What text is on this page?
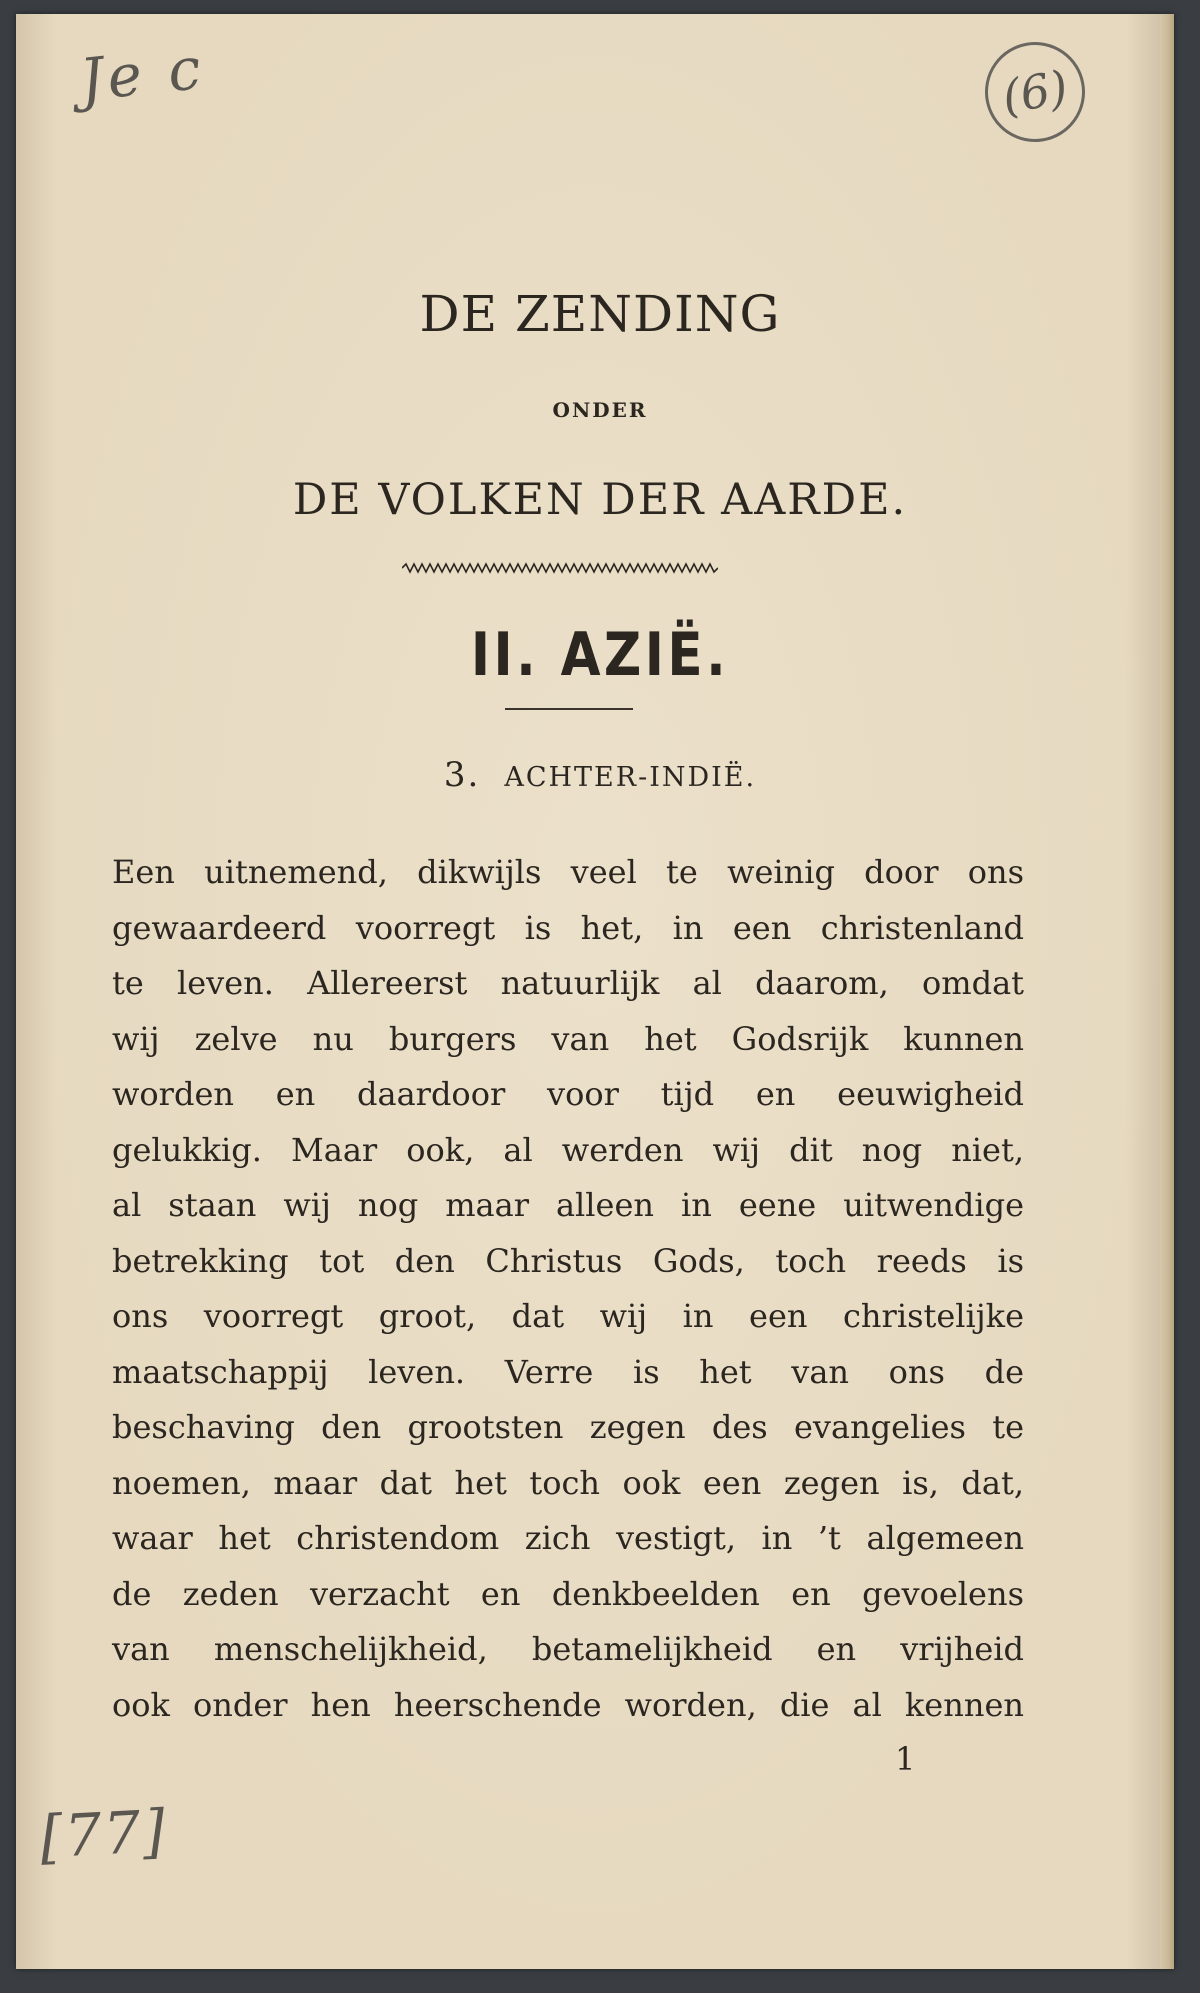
Je c	(6)
[77]
DE ZENDING
ONDER
DE VOLKEN DER AARDE.
II. AZIË.
3. ACHTER-INDIË.
Een uitnemend, dikwijls veel te weinig door ons
gewaardeerd voorregt is het, in een christenland
te leven. Allereerst natuurlijk al daarom, omdat
wij zelve nu burgers van het Godsrijk kunnen
worden en daardoor voor tijd en eeuwigheid
gelukkig. Maar ook, al werden wij dit nog niet,
al staan wij nog maar alleen in eene uitwendige
betrekking tot den Christus Gods, toch reeds is
ons voorregt groot, dat wij in een christelijke
maatschappij leven. Verre is het van ons de
beschaving den grootsten zegen des evangelies te
noemen, maar dat het toch ook een zegen is, dat,
waar het christendom zich vestigt, in ’t algemeen
de zeden verzacht en denkbeelden en gevoelens
van menschelijkheid, betamelijkheid en vrijheid
ook onder hen heerschende worden, die al kennen
1
